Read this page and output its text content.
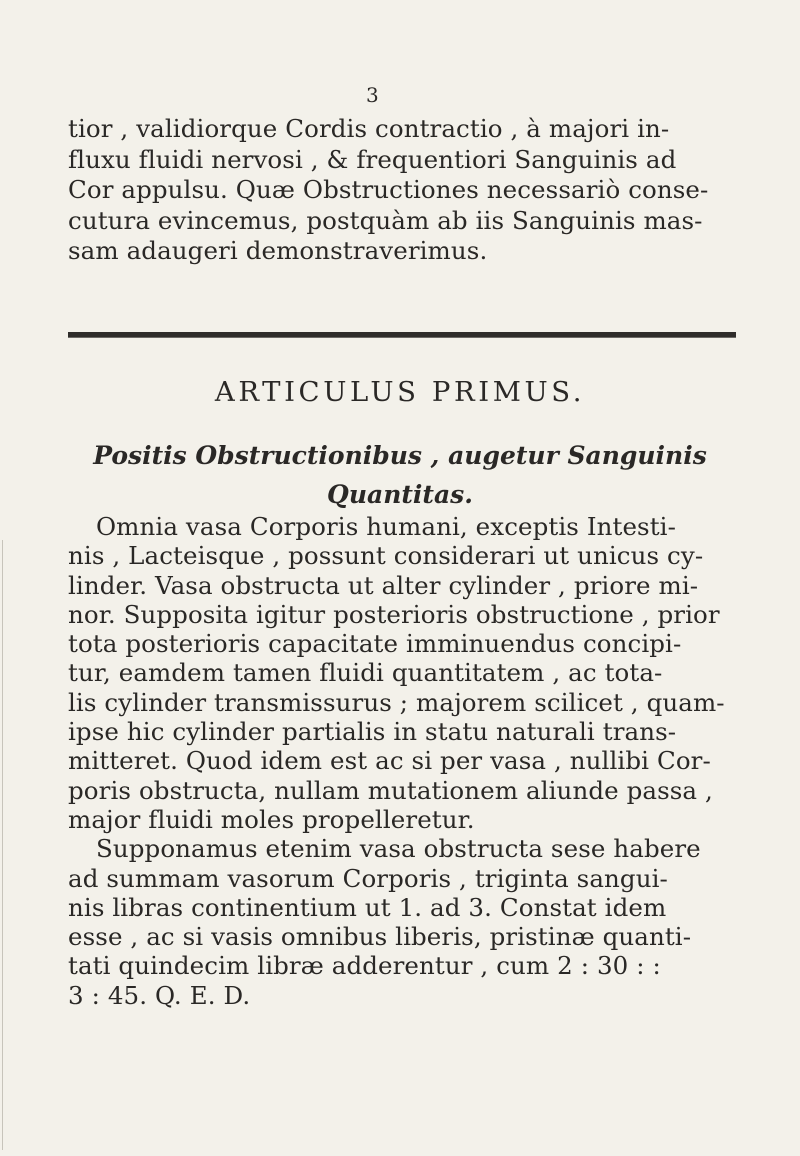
3
tior , validiorque Cordis contractio , à majori in-
fluxu fluidi nervosi , & frequentiori Sanguinis ad
Cor appulsu. Quæ Obstructiones necessariò conse-
cutura evincemus, postquàm ab iis Sanguinis mas-
sam adaugeri demonstraverimus.
ARTICULUS PRIMUS.
Positis Obstructionibus , augetur Sanguinis
Quantitas.
Omnia vasa Corporis humani, exceptis Intesti-
nis , Lacteisque , possunt considerari ut unicus cy-
linder. Vasa obstructa ut alter cylinder , priore mi-
nor. Supposita igitur posterioris obstructione , prior
tota posterioris capacitate imminuendus concipi-
tur, eamdem tamen fluidi quantitatem , ac tota-
lis cylinder transmissurus ; majorem scilicet , quam-
ipse hic cylinder partialis in statu naturali trans-
mitteret. Quod idem est ac si per vasa , nullibi Cor-
poris obstructa, nullam mutationem aliunde passa ,
major fluidi moles propelleretur.
Supponamus etenim vasa obstructa sese habere
ad summam vasorum Corporis , triginta sangui-
nis libras continentium ut 1. ad 3. Constat idem
esse , ac si vasis omnibus liberis, pristinæ quanti-
tati quindecim libræ adderentur , cum 2 : 30 : :
3 : 45. Q. E. D.
